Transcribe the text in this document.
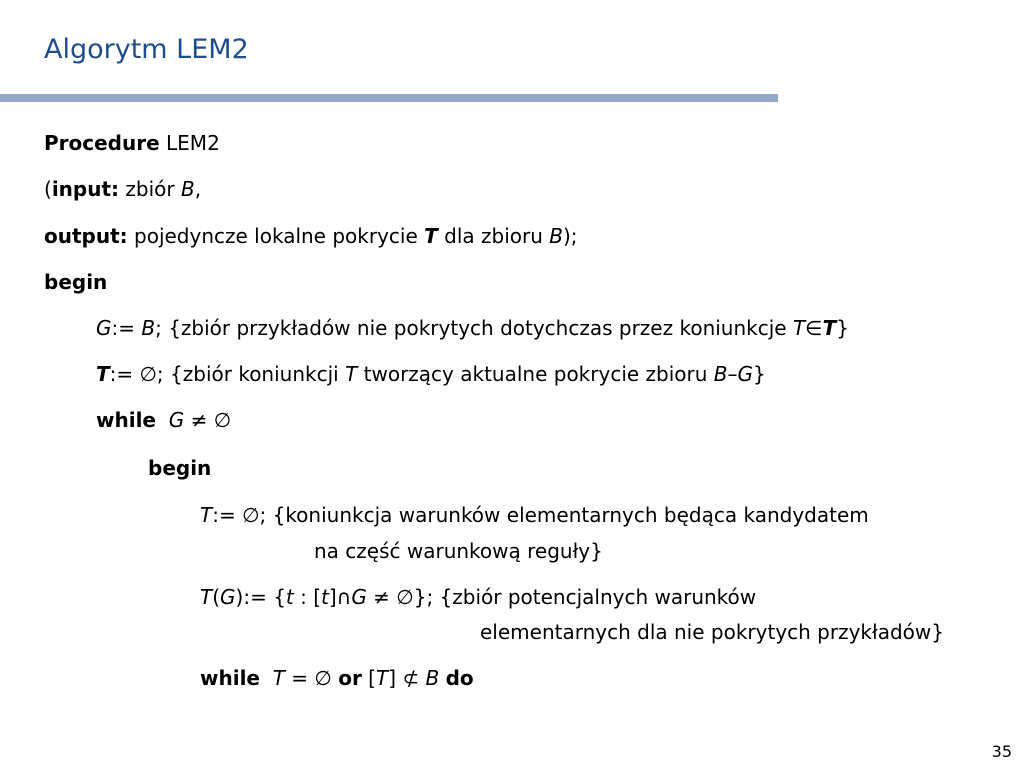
Algorytm LEM2
Procedure LEM2
(input: zbiór B,
output: pojedyncze lokalne pokrycie T dla zbioru B);
begin
G:= B; {zbiór przykładów nie pokrytych dotychczas przez koniunkcje T∈T}
T:= ∅; {zbiór koniunkcji T tworzący aktualne pokrycie zbioru B–G}
while G ≠ ∅
begin
T:= ∅; {koniunkcja warunków elementarnych będąca kandydatem
na część warunkową reguły}
T(G):= {t : [t]∩G ≠ ∅}; {zbiór potencjalnych warunków
elementarnych dla nie pokrytych przykładów}
while T = ∅ or [T] ⊄ B do
35
